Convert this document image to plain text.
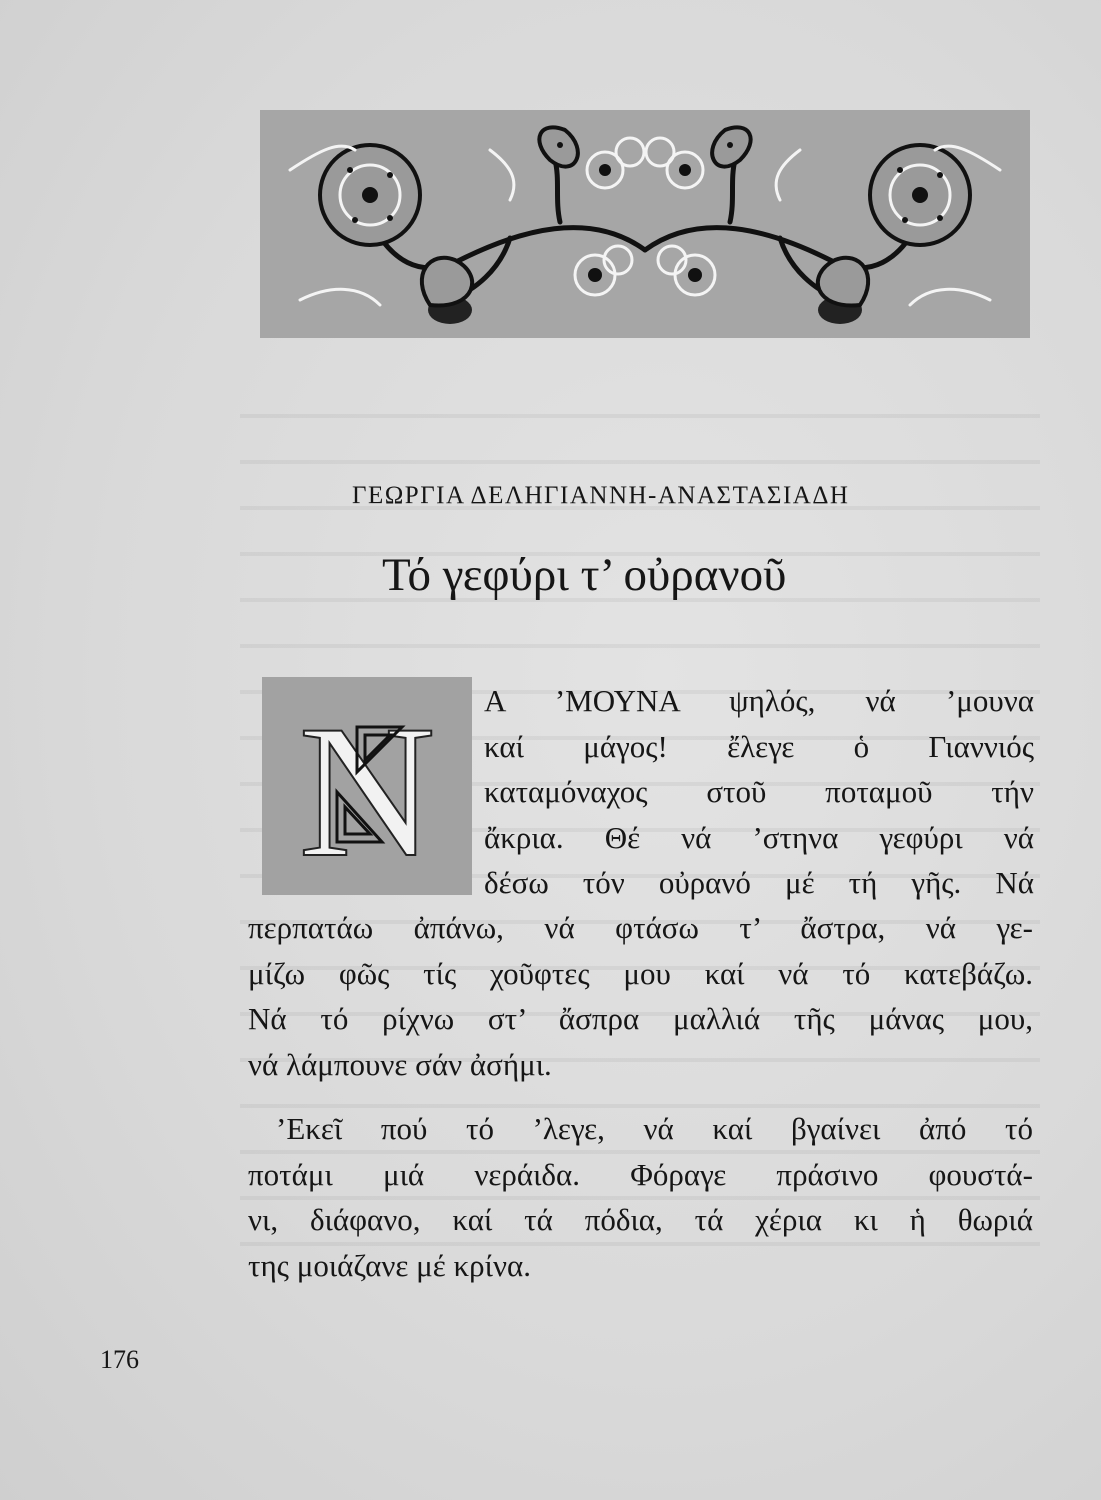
ΓΕΩΡΓΙΑ ΔΕΛΗΓΙΑΝΝΗ-ΑΝΑΣΤΑΣΙΑΔΗ
Τό γεφύρι τ’ οὐρανοῦ
Ν Α ’ΜΟΥΝΑ ψηλός, νά ’μουνα
καί μάγος! ἔλεγε ὁ Γιαννιός
καταμόναχος στοῦ ποταμοῦ τήν
ἄκρια. Θέ νά ’στηνα γεφύρι νά
δέσω τόν οὐρανό μέ τή γῆς. Νά
περπατάω ἀπάνω, νά φτάσω τ’ ἄστρα, νά γε-
μίζω φῶς τίς χοῦφτες μου καί νά τό κατεβάζω.
Νά τό ρίχνω στ’ ἄσπρα μαλλιά τῆς μάνας μου,
νά λάμπουνε σάν ἀσήμι.
’Εκεῖ πού τό ’λεγε, νά καί βγαίνει ἀπό τό
ποτάμι μιά νεράιδα. Φόραγε πράσινο φουστά-
νι, διάφανο, καί τά πόδια, τά χέρια κι ἡ θωριά
της μοιάζανε μέ κρίνα.
176
